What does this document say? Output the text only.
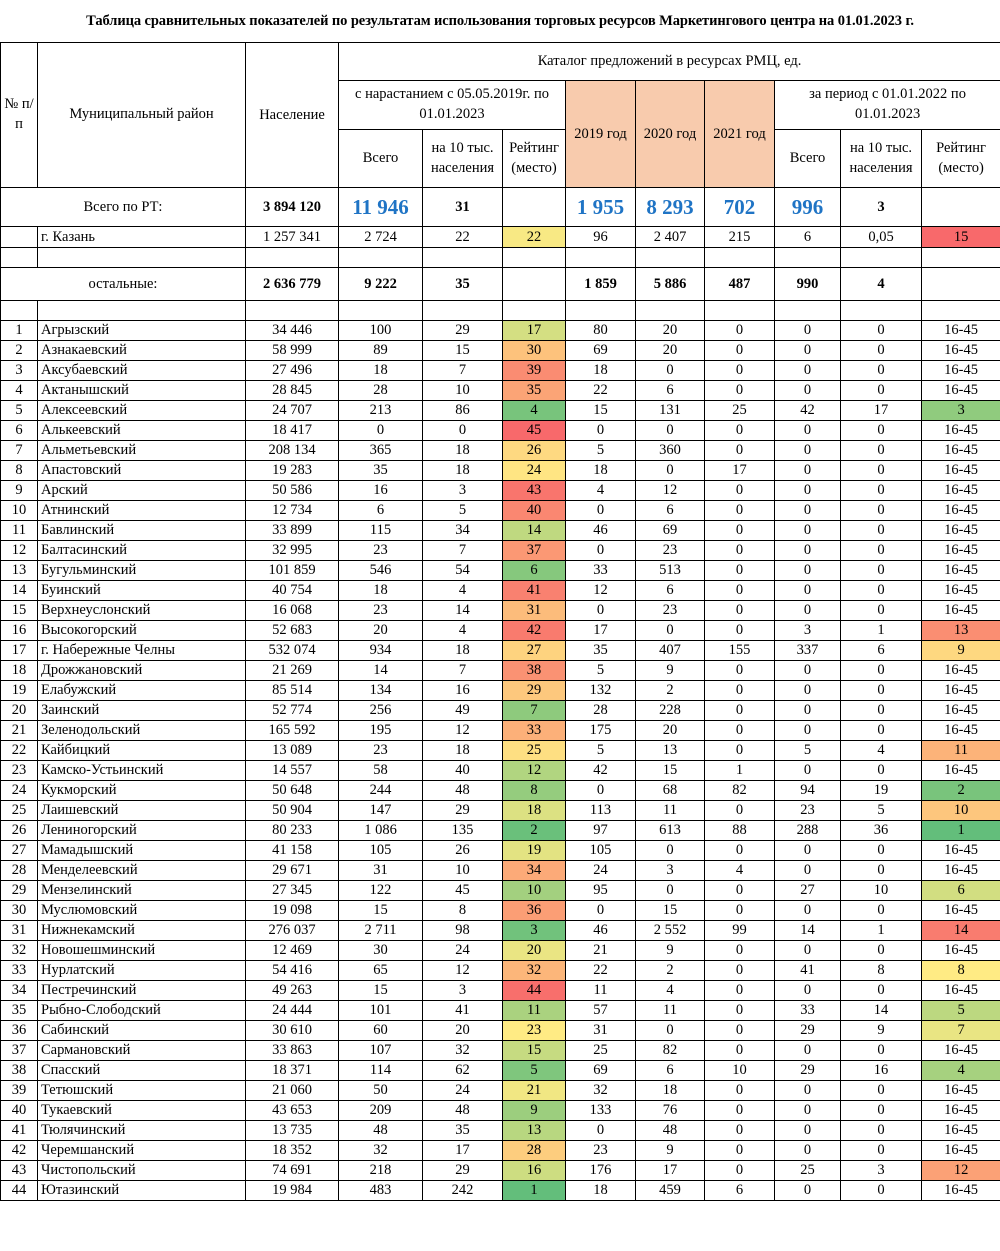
Таблица сравнительных показателей по результатам использования торговых ресурсов Маркетингового центра на 01.01.2023 г.
№ п/п	Муниципальный район	Население	Каталог предложений в ресурсах РМЦ, ед.								
			с нарастанием с 05.05.2019г. по 01.01.2023			2019 год	2020 год	2021 год	за период с 01.01.2022 по 01.01.2023		
			Всего	на 10 тыс. населения	Рейтинг (место)				Всего	на 10 тыс. населения	Рейтинг (место)
Всего по РТ:		3 894 120	11 946	31		1 955	8 293	702	996	3	
	г. Казань	1 257 341	2 724	22	22	96	2 407	215	6	0,05	15

остальные:		2 636 779	9 222	35		1 859	5 886	487	990	4	

1	Агрызский	34 446	100	29	17	80	20	0	0	0	16-45
2	Азнакаевский	58 999	89	15	30	69	20	0	0	0	16-45
3	Аксубаевский	27 496	18	7	39	18	0	0	0	0	16-45
4	Актанышский	28 845	28	10	35	22	6	0	0	0	16-45
5	Алексеевский	24 707	213	86	4	15	131	25	42	17	3
6	Алькеевский	18 417	0	0	45	0	0	0	0	0	16-45
7	Альметьевский	208 134	365	18	26	5	360	0	0	0	16-45
8	Апастовский	19 283	35	18	24	18	0	17	0	0	16-45
9	Арский	50 586	16	3	43	4	12	0	0	0	16-45
10	Атнинский	12 734	6	5	40	0	6	0	0	0	16-45
11	Бавлинский	33 899	115	34	14	46	69	0	0	0	16-45
12	Балтасинский	32 995	23	7	37	0	23	0	0	0	16-45
13	Бугульминский	101 859	546	54	6	33	513	0	0	0	16-45
14	Буинский	40 754	18	4	41	12	6	0	0	0	16-45
15	Верхнеуслонский	16 068	23	14	31	0	23	0	0	0	16-45
16	Высокогорский	52 683	20	4	42	17	0	0	3	1	13
17	г. Набережные Челны	532 074	934	18	27	35	407	155	337	6	9
18	Дрожжановский	21 269	14	7	38	5	9	0	0	0	16-45
19	Елабужский	85 514	134	16	29	132	2	0	0	0	16-45
20	Заинский	52 774	256	49	7	28	228	0	0	0	16-45
21	Зеленодольский	165 592	195	12	33	175	20	0	0	0	16-45
22	Кайбицкий	13 089	23	18	25	5	13	0	5	4	11
23	Камско-Устьинский	14 557	58	40	12	42	15	1	0	0	16-45
24	Кукморский	50 648	244	48	8	0	68	82	94	19	2
25	Лаишевский	50 904	147	29	18	113	11	0	23	5	10
26	Лениногорский	80 233	1 086	135	2	97	613	88	288	36	1
27	Мамадышский	41 158	105	26	19	105	0	0	0	0	16-45
28	Менделеевский	29 671	31	10	34	24	3	4	0	0	16-45
29	Мензелинский	27 345	122	45	10	95	0	0	27	10	6
30	Муслюмовский	19 098	15	8	36	0	15	0	0	0	16-45
31	Нижнекамский	276 037	2 711	98	3	46	2 552	99	14	1	14
32	Новошешминский	12 469	30	24	20	21	9	0	0	0	16-45
33	Нурлатский	54 416	65	12	32	22	2	0	41	8	8
34	Пестречинский	49 263	15	3	44	11	4	0	0	0	16-45
35	Рыбно-Слободский	24 444	101	41	11	57	11	0	33	14	5
36	Сабинский	30 610	60	20	23	31	0	0	29	9	7
37	Сармановский	33 863	107	32	15	25	82	0	0	0	16-45
38	Спасский	18 371	114	62	5	69	6	10	29	16	4
39	Тетюшский	21 060	50	24	21	32	18	0	0	0	16-45
40	Тукаевский	43 653	209	48	9	133	76	0	0	0	16-45
41	Тюлячинский	13 735	48	35	13	0	48	0	0	0	16-45
42	Черемшанский	18 352	32	17	28	23	9	0	0	0	16-45
43	Чистопольский	74 691	218	29	16	176	17	0	25	3	12
44	Ютазинский	19 984	483	242	1	18	459	6	0	0	16-45
